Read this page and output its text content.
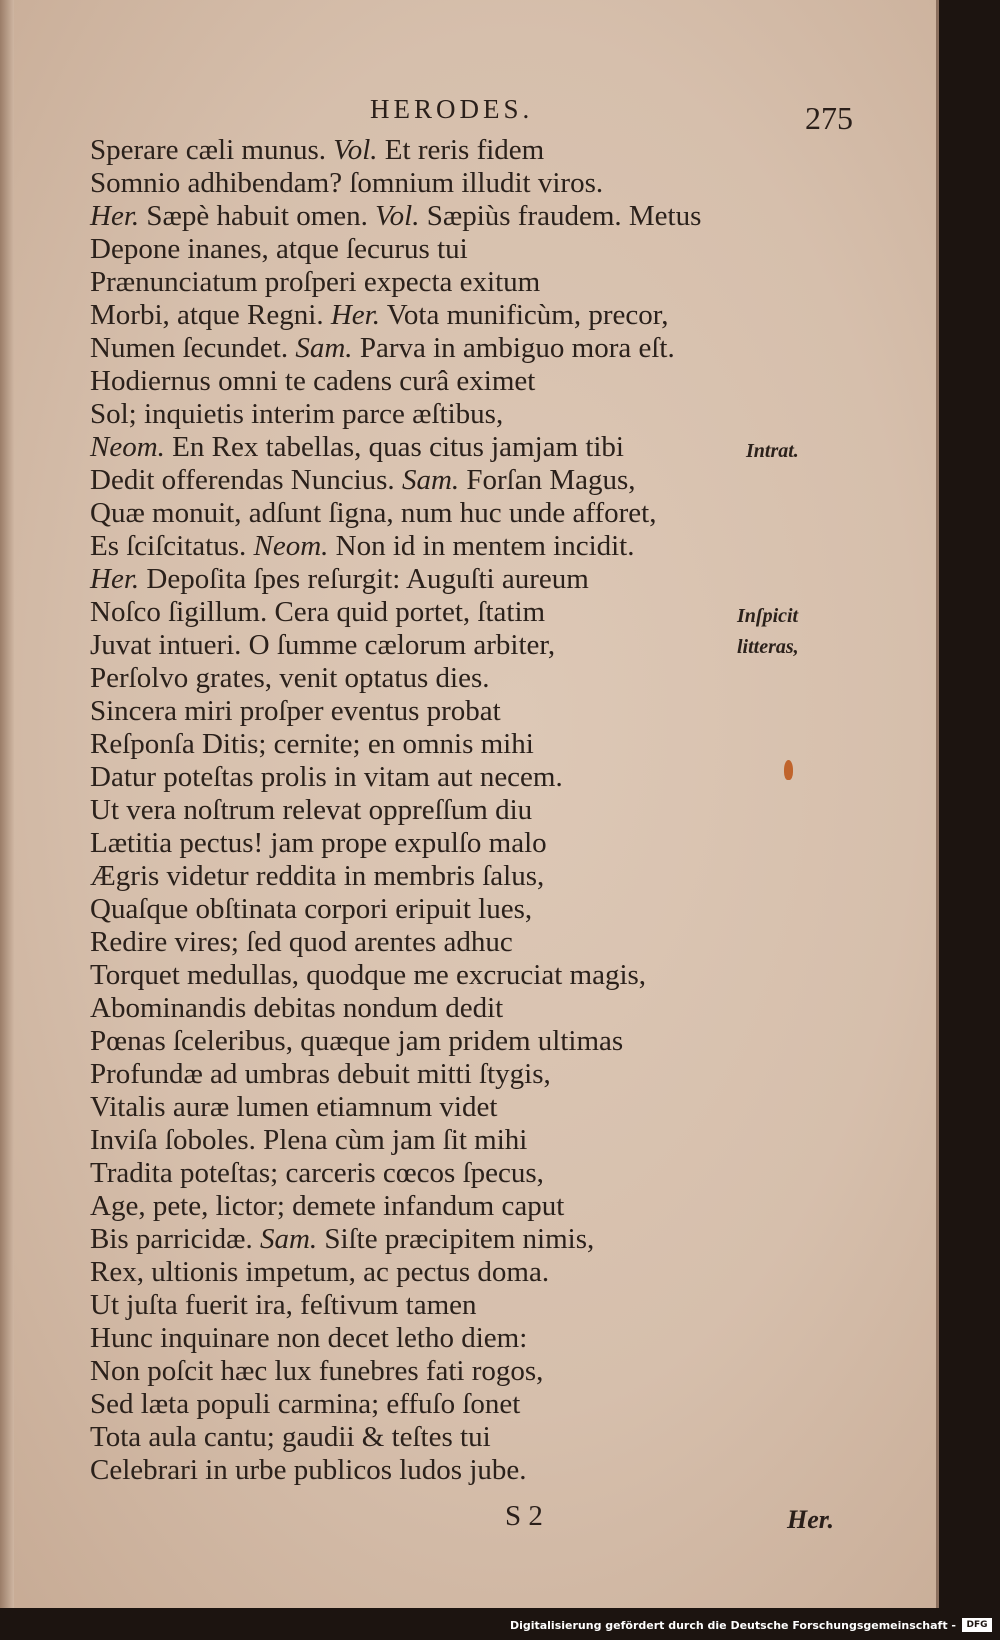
HERODES.	275
Sperare cæli munus. Vol. Et reris fidem
Somnio adhibendam? ſomnium illudit viros.
Her. Sæpè habuit omen. Vol. Sæpiùs fraudem. Metus
Depone inanes, atque ſecurus tui
Prænunciatum proſperi expecta exitum
Morbi, atque Regni. Her. Vota munificùm, precor,
Numen ſecundet. Sam. Parva in ambiguo mora eſt.
Hodiernus omni te cadens curâ eximet
Sol; inquietis interim parce æſtibus,
Neom. En Rex tabellas, quas citus jamjam tibi
Dedit offerendas Nuncius. Sam. Forſan Magus,
Quæ monuit, adſunt ſigna, num huc unde afforet,
Es ſciſcitatus. Neom. Non id in mentem incidit.
Her. Depoſita ſpes reſurgit: Auguſti aureum
Noſco ſigillum. Cera quid portet, ſtatim
Juvat intueri. O ſumme cælorum arbiter,
Perſolvo grates, venit optatus dies.
Sincera miri proſper eventus probat
Reſponſa Ditis; cernite; en omnis mihi
Datur poteſtas prolis in vitam aut necem.
Ut vera noſtrum relevat oppreſſum diu
Lætitia pectus! jam prope expulſo malo
Ægris videtur reddita in membris ſalus,
Quaſque obſtinata corpori eripuit lues,
Redire vires; ſed quod arentes adhuc
Torquet medullas, quodque me excruciat magis,
Abominandis debitas nondum dedit
Pœnas ſceleribus, quæque jam pridem ultimas
Profundæ ad umbras debuit mitti ſtygis,
Vitalis auræ lumen etiamnum videt
Inviſa ſoboles. Plena cùm jam ſit mihi
Tradita poteſtas; carceris cœcos ſpecus,
Age, pete, lictor; demete infandum caput
Bis parricidæ. Sam. Siſte præcipitem nimis,
Rex, ultionis impetum, ac pectus doma.
Ut juſta fuerit ira, feſtivum tamen
Hunc inquinare non decet letho diem:
Non poſcit hæc lux funebres fati rogos,
Sed læta populi carmina; effuſo ſonet
Tota aula cantu; gaudii & teſtes tui
Celebrari in urbe publicos ludos jube.
Intrat.
Inſpicit
litteras,
S 2	Her.
Digitalisierung gefördert durch die Deutsche Forschungsgemeinschaft -	DFG
